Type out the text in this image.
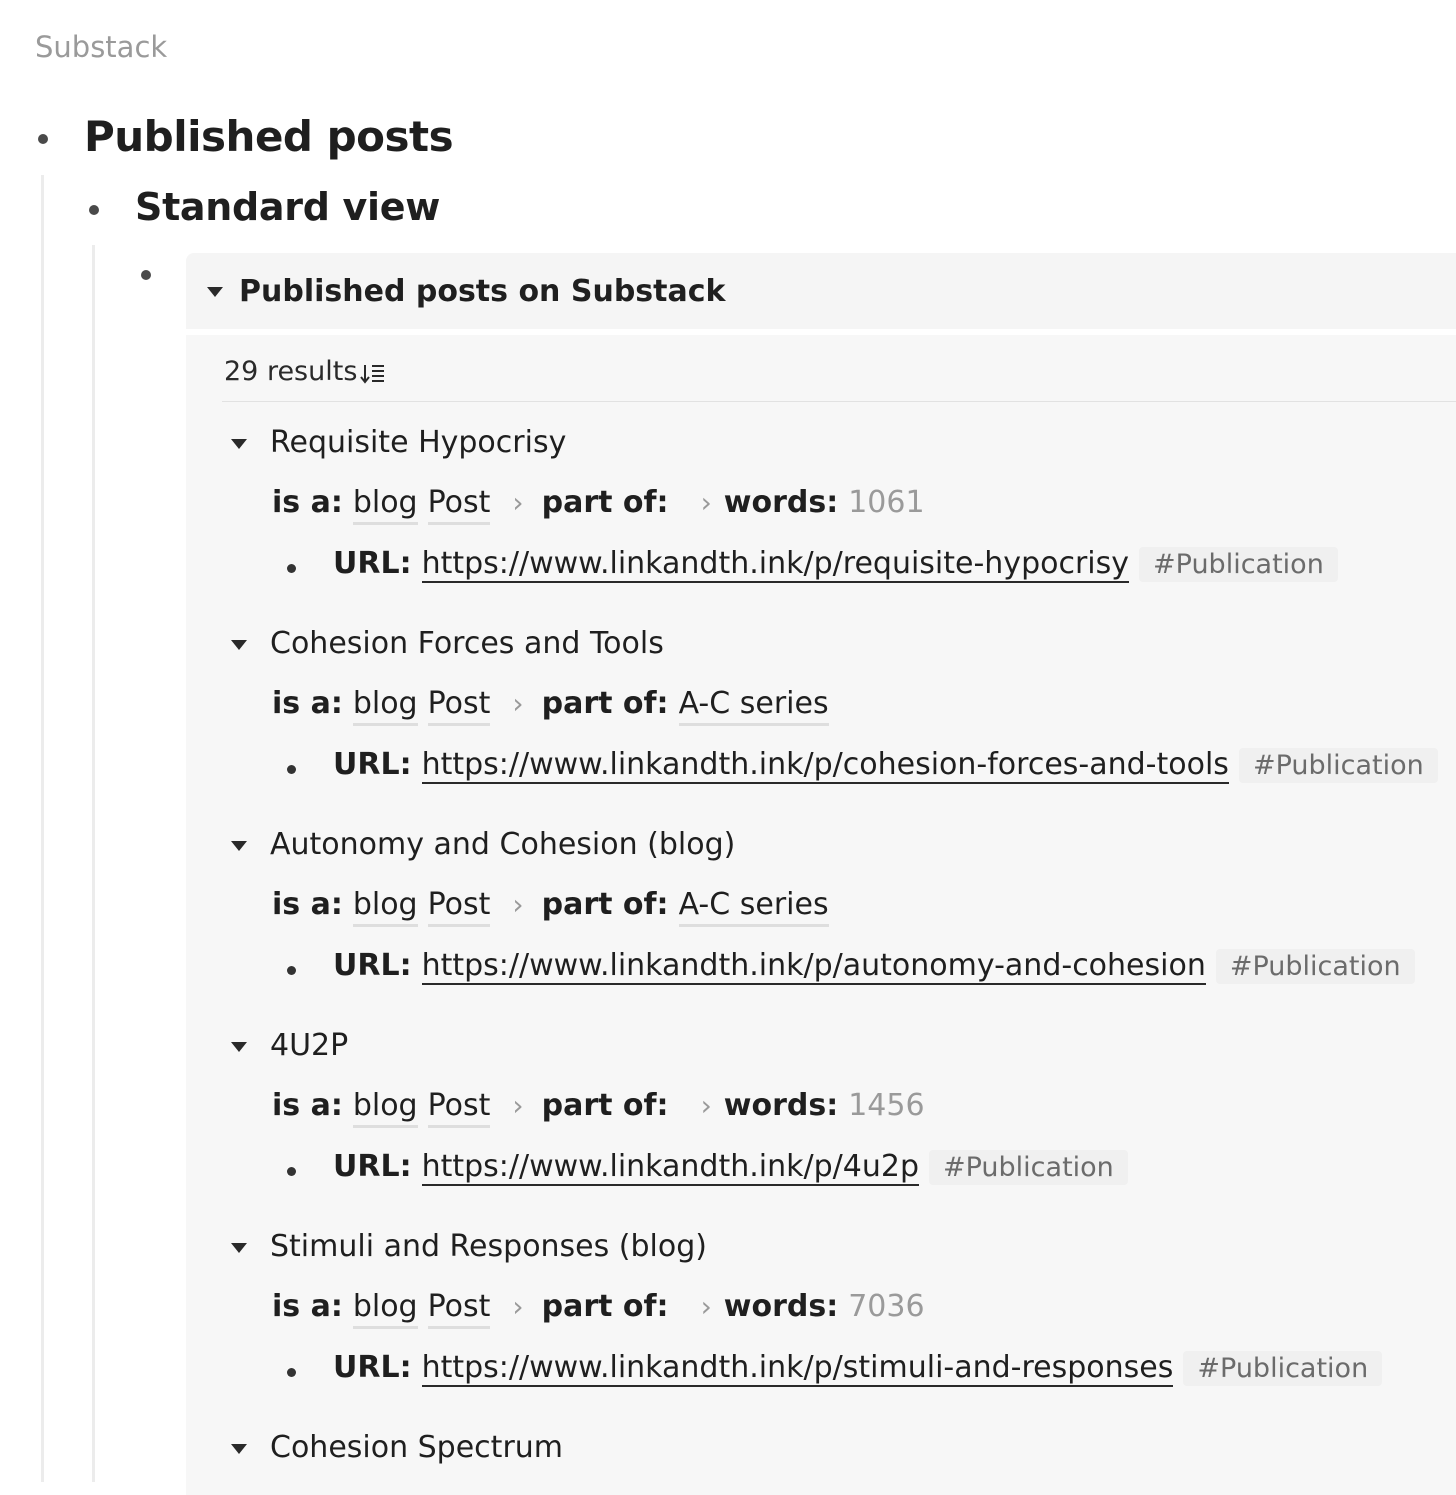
Substack
Published posts
Standard view
Published posts on Substack
29 results
Requisite Hypocrisy
is a: blog Post › part of: › words: 1061
URL: https://www.linkandth.ink/p/requisite-hypocrisy #Publication
Cohesion Forces and Tools
is a: blog Post › part of: A-C series
URL: https://www.linkandth.ink/p/cohesion-forces-and-tools #Publication
Autonomy and Cohesion (blog)
is a: blog Post › part of: A-C series
URL: https://www.linkandth.ink/p/autonomy-and-cohesion #Publication
4U2P
is a: blog Post › part of: › words: 1456
URL: https://www.linkandth.ink/p/4u2p #Publication
Stimuli and Responses (blog)
is a: blog Post › part of: › words: 7036
URL: https://www.linkandth.ink/p/stimuli-and-responses #Publication
Cohesion Spectrum
